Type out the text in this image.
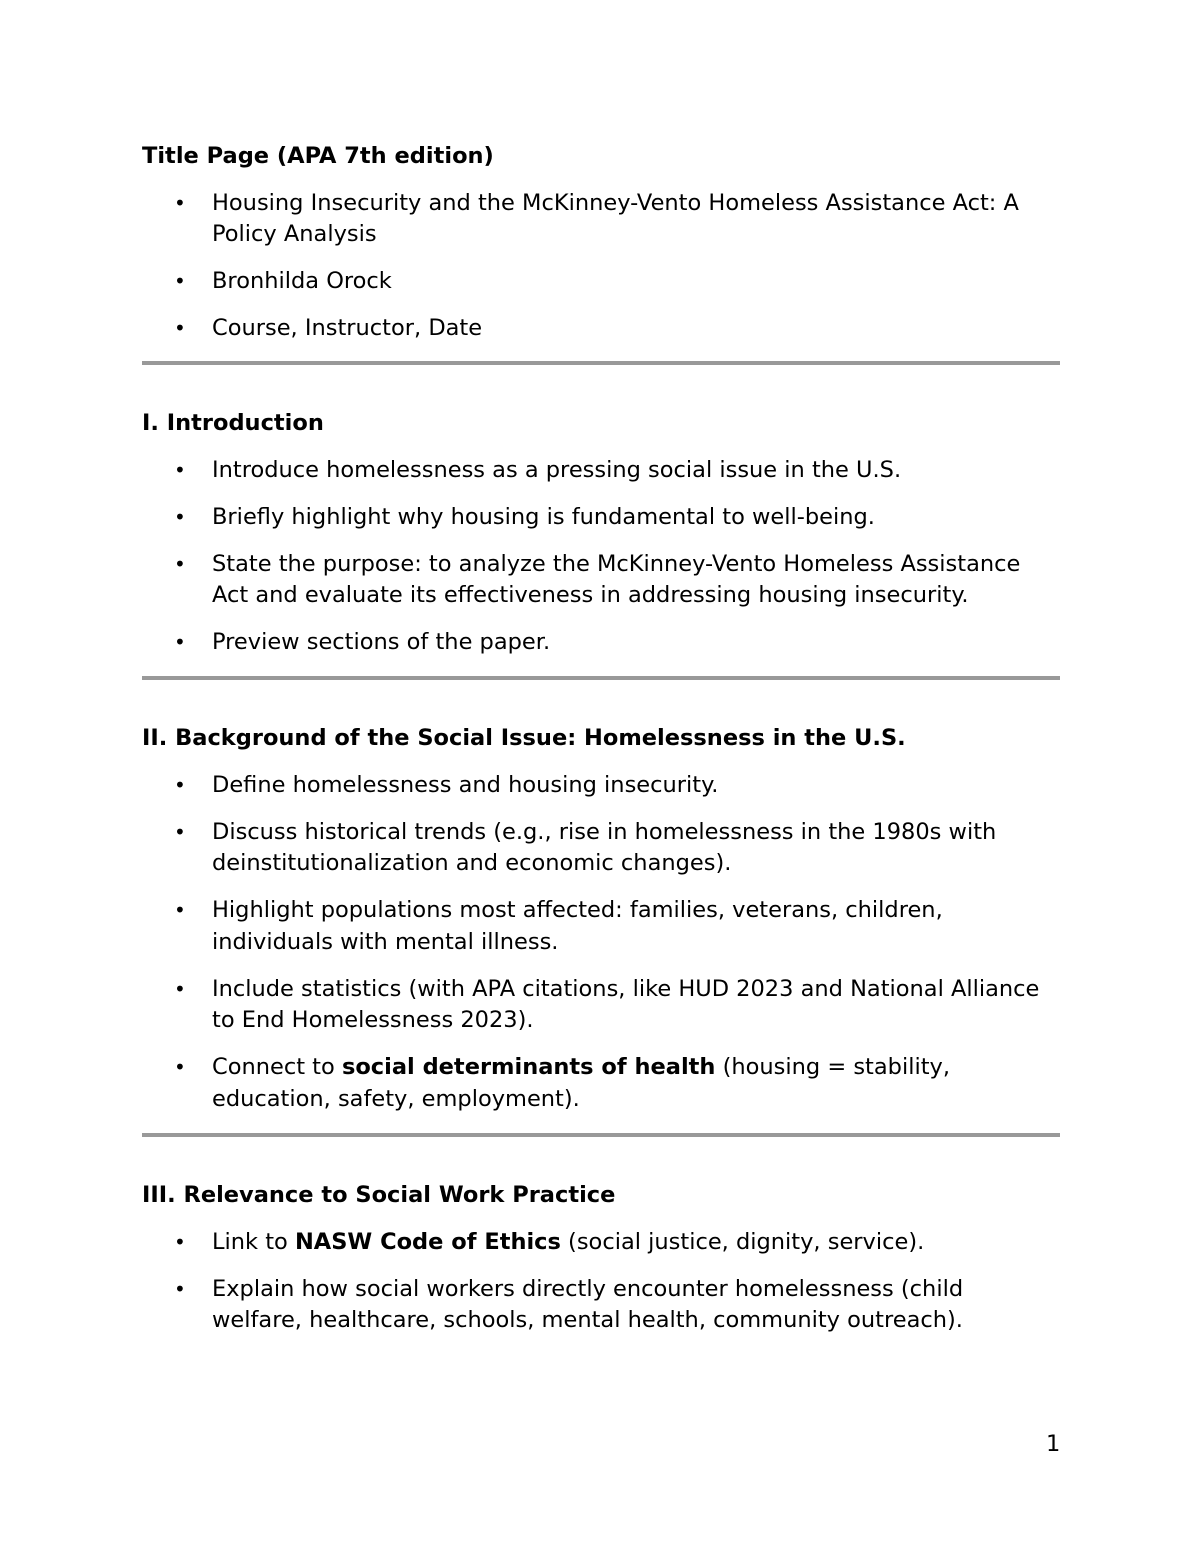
Title Page (APA 7th edition)
• Housing Insecurity and the McKinney-Vento Homeless Assistance Act: A Policy Analysis
• Bronhilda Orock
• Course, Instructor, Date
I. Introduction
• Introduce homelessness as a pressing social issue in the U.S.
• Briefly highlight why housing is fundamental to well-being.
• State the purpose: to analyze the McKinney-Vento Homeless Assistance Act and evaluate its effectiveness in addressing housing insecurity.
• Preview sections of the paper.
II. Background of the Social Issue: Homelessness in the U.S.
• Define homelessness and housing insecurity.
• Discuss historical trends (e.g., rise in homelessness in the 1980s with deinstitutionalization and economic changes).
• Highlight populations most affected: families, veterans, children, individuals with mental illness.
• Include statistics (with APA citations, like HUD 2023 and National Alliance to End Homelessness 2023).
• Connect to social determinants of health (housing = stability, education, safety, employment).
III. Relevance to Social Work Practice
• Link to NASW Code of Ethics (social justice, dignity, service).
• Explain how social workers directly encounter homelessness (child welfare, healthcare, schools, mental health, community outreach).
1
